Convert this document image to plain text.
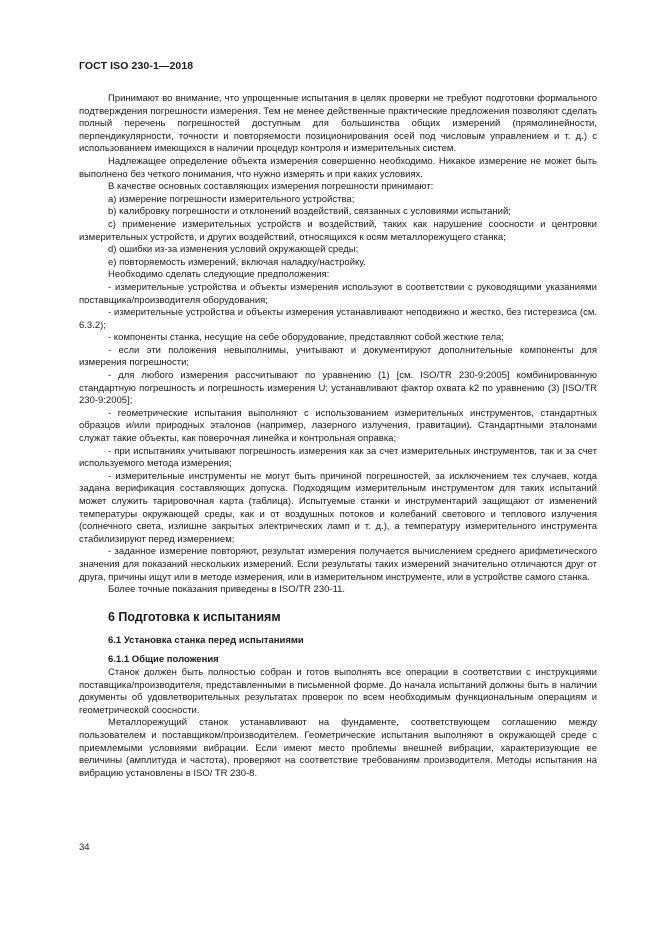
ГОСТ ISO 230-1—2018

Принимают во внимание, что упрощенные испытания в целях проверки не требуют подготовки формального подтверждения погрешности измерения. Тем не менее действенные практические предложения позволяют сделать полный перечень погрешностей доступным для большинства общих измерений (прямолинейности, перпендикулярности, точности и повторяемости позиционирования осей под числовым управлением и т. д.) с использованием имеющихся в наличии процедур контроля и измерительных систем.

Надлежащее определение объекта измерения совершенно необходимо. Никакое измерение не может быть выполнено без четкого понимания, что нужно измерять и при каких условиях.

В качестве основных составляющих измерения погрешности принимают:

a) измерение погрешности измерительного устройства;

b) калибровку погрешности и отклонений воздействий, связанных с условиями испытаний;

c) применение измерительных устройств и воздействий, таких как нарушение соосности и центровки измерительных устройств, и других воздействий, относящихся к осям металлорежущего станка;

d) ошибки из-за изменения условий окружающей среды;

e) повторяемость измерений, включая наладку/настройку.

Необходимо сделать следующие предположения:

- измерительные устройства и объекты измерения используют в соответствии с руководящими указаниями поставщика/производителя оборудования;

- измерительные устройства и объекты измерения устанавливают неподвижно и жестко, без гистерезиса (см. 6.3.2);

- компоненты станка, несущие на себе оборудование, представляют собой жесткие тела;

- если эти положения невыполнимы, учитывают и документируют дополнительные компоненты для измерения погрешности;

- для любого измерения рассчитывают по уравнению (1) [см. ISO/TR 230-9:2005] комбинированную стандартную погрешность и погрешность измерения U; устанавливают фактор охвата k2 по уравнению (3) [ISO/TR 230-9:2005];

- геометрические испытания выполняют с использованием измерительных инструментов, стандартных образцов и/или природных эталонов (например, лазерного излучения, гравитации). Стандартными эталонами служат такие объекты, как поверочная линейка и контрольная оправка;

- при испытаниях учитывают погрешность измерения как за счет измерительных инструментов, так и за счет используемого метода измерения;

- измерительные инструменты не могут быть причиной погрешностей, за исключением тех случаев, когда задана верификация составляющих допуска. Подходящим измерительным инструментом для таких испытаний может служить тарировочная карта (таблица). Испытуемые станки и инструментарий защищают от изменений температуры окружающей среды, как и от воздушных потоков и колебаний светового и теплового излучения (солнечного света, излишне закрытых электрических ламп и т. д.), а температуру измерительного инструмента стабилизируют перед измерением;

- заданное измерение повторяют, результат измерения получается вычислением среднего арифметического значения для показаний нескольких измерений. Если результаты таких измерений значительно отличаются друг от друга, причины ищут или в методе измерения, или в измерительном инструменте, или в устройстве самого станка.

Более точные показания приведены в ISO/TR 230-11.

6 Подготовка к испытаниям
6.1 Установка станка перед испытаниями
6.1.1 Общие положения

Станок должен быть полностью собран и готов выполнять все операции в соответствии с инструкциями поставщика/производителя, представленными в письменной форме. До начала испытаний должны быть в наличии документы об удовлетворительных результатах проверок по всем необходимым функциональным операциям и геометрической соосности.

Металлорежущий станок устанавливают на фундаменте, соответствующем соглашению между пользователем и поставщиком/производителем. Геометрические испытания выполняют в окружающей среде с приемлемыми условиями вибрации. Если имеют место проблемы внешней вибрации, характеризующие ее величины (амплитуда и частота), проверяют на соответствие требованиям производителя. Методы испытания на вибрацию установлены в ISO/ TR 230-8.

34
